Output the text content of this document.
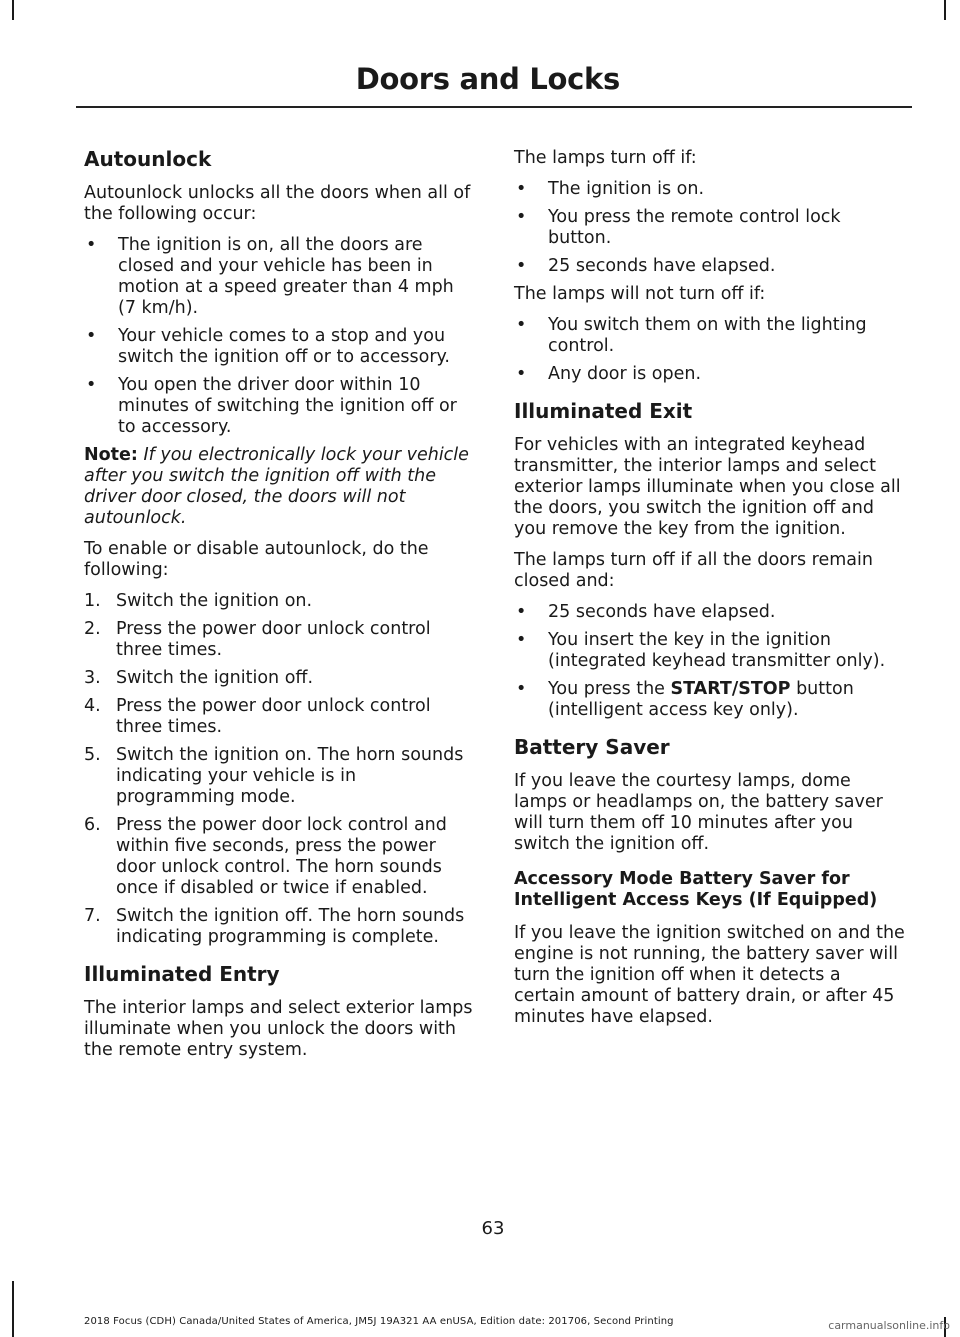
Doors and Locks
Autounlock

Autounlock unlocks all the doors when all of the following occur:

•	The ignition is on, all the doors are closed and your vehicle has been in motion at a speed greater than 4 mph (7 km/h).
•	Your vehicle comes to a stop and you switch the ignition off or to accessory.
•	You open the driver door within 10 minutes of switching the ignition off or to accessory.

Note: If you electronically lock your vehicle after you switch the ignition off with the driver door closed, the doors will not autounlock.

To enable or disable autounlock, do the following:

1. Switch the ignition on.
2. Press the power door unlock control three times.
3. Switch the ignition off.
4. Press the power door unlock control three times.
5. Switch the ignition on. The horn sounds indicating your vehicle is in programming mode.
6. Press the power door lock control and within five seconds, press the power door unlock control. The horn sounds once if disabled or twice if enabled.
7. Switch the ignition off. The horn sounds indicating programming is complete.
Illuminated Entry

The interior lamps and select exterior lamps illuminate when you unlock the doors with the remote entry system.

The lamps turn off if:

•	The ignition is on.
•	You press the remote control lock button.
•	25 seconds have elapsed.

The lamps will not turn off if:

•	You switch them on with the lighting control.
•	Any door is open.
Illuminated Exit

For vehicles with an integrated keyhead transmitter, the interior lamps and select exterior lamps illuminate when you close all the doors, you switch the ignition off and you remove the key from the ignition.

The lamps turn off if all the doors remain closed and:

•	25 seconds have elapsed.
•	You insert the key in the ignition (integrated keyhead transmitter only).
•	You press the START/STOP button (intelligent access key only).
Battery Saver

If you leave the courtesy lamps, dome lamps or headlamps on, the battery saver will turn them off 10 minutes after you switch the ignition off.

Accessory Mode Battery Saver for Intelligent Access Keys (If Equipped)

If you leave the ignition switched on and the engine is not running, the battery saver will turn the ignition off when it detects a certain amount of battery drain, or after 45 minutes have elapsed.

63
2018 Focus (CDH) Canada/United States of America, JM5J 19A321 AA enUSA, Edition date: 201706, Second Printing	carmanualsonline.info
